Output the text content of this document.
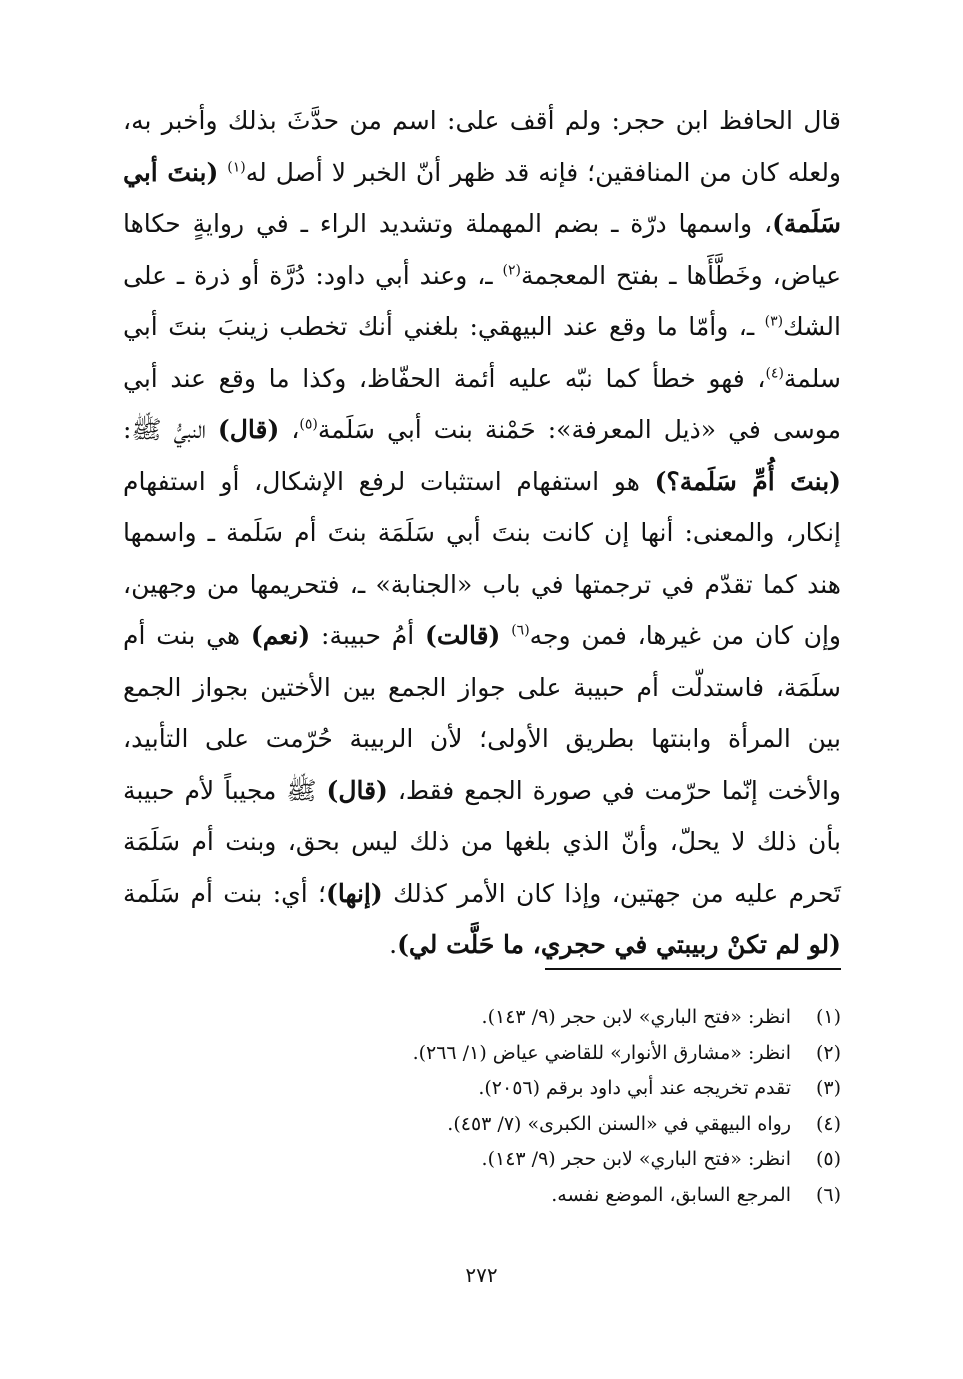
قال الحافظ ابن حجر: ولم أقف على: اسم من حدَّثَ بذلك وأخبر به، ولعله كان من المنافقين؛ فإنه قد ظهر أنّ الخبر لا أصل له$^{(١)}$ (بنتَ أبي سَلَمة)، واسمها درّة ـ بضم المهملة وتشديد الراء ـ في روايةٍ حكاها عياض، وخَطَّأَها ـ بفتح المعجمة$^{(٢)}$ ـ، وعند أبي داود: دُرَّة أو ذرة ـ على الشك$^{(٣)}$ ـ، وأمّا ما وقع عند البيهقي: بلغني أنك تخطب زينبَ بنتَ أبي سلمة$^{(٤)}$، فهو خطأ كما نبّه عليه أئمة الحفّاظ، وكذا ما وقع عند أبي موسى في «ذيل المعرفة»: حَمْنة بنت أبي سَلَمة$^{(٥)}$، (قال) النبيُّ ﷺ: (بنتَ أُمِّ سَلَمة؟) هو استفهام استثبات لرفع الإشكال، أو استفهام إنكار، والمعنى: أنها إن كانت بنتَ أبي سَلَمَة بنتَ أم سَلَمة ـ واسمها هند كما تقدّم في ترجمتها في باب «الجنابة» ـ، فتحريمها من وجهين، وإن كان من غيرها، فمن وجه$^{(٦)}$ (قالت) أمُ حبيبة: (نعم) هي بنت أم سلَمَة، فاستدلّت أم حبيبة على جواز الجمع بين الأختين بجواز الجمع بين المرأة وابنتها بطريق الأولى؛ لأن الربيبة حُرّمت على التأبيد، والأخت إنّما حرّمت في صورة الجمع فقط، (قال) ﷺ مجيباً لأم حبيبة بأن ذلك لا يحلّ، وأنّ الذي بلغها من ذلك ليس بحق، وبنت أم سَلَمَة تَحرم عليه من جهتين، وإذا كان الأمر كذلك (إنها)؛ أي: بنت أم سَلَمة (لو لم تكنْ ربيبتي في حجري، ما حَلَّت لي).

(١)
انظر: «فتح الباري» لابن حجر (٩/ ١٤٣).
(٢)
انظر: «مشارق الأنوار» للقاضي عياض (١/ ٢٦٦).
(٣)
تقدم تخريجه عند أبي داود برقم (٢٠٥٦).
(٤)
رواه البيهقي في «السنن الكبرى» (٧/ ٤٥٣).
(٥)
انظر: «فتح الباري» لابن حجر (٩/ ١٤٣).
(٦)
المرجع السابق، الموضع نفسه.
٢٧٢
